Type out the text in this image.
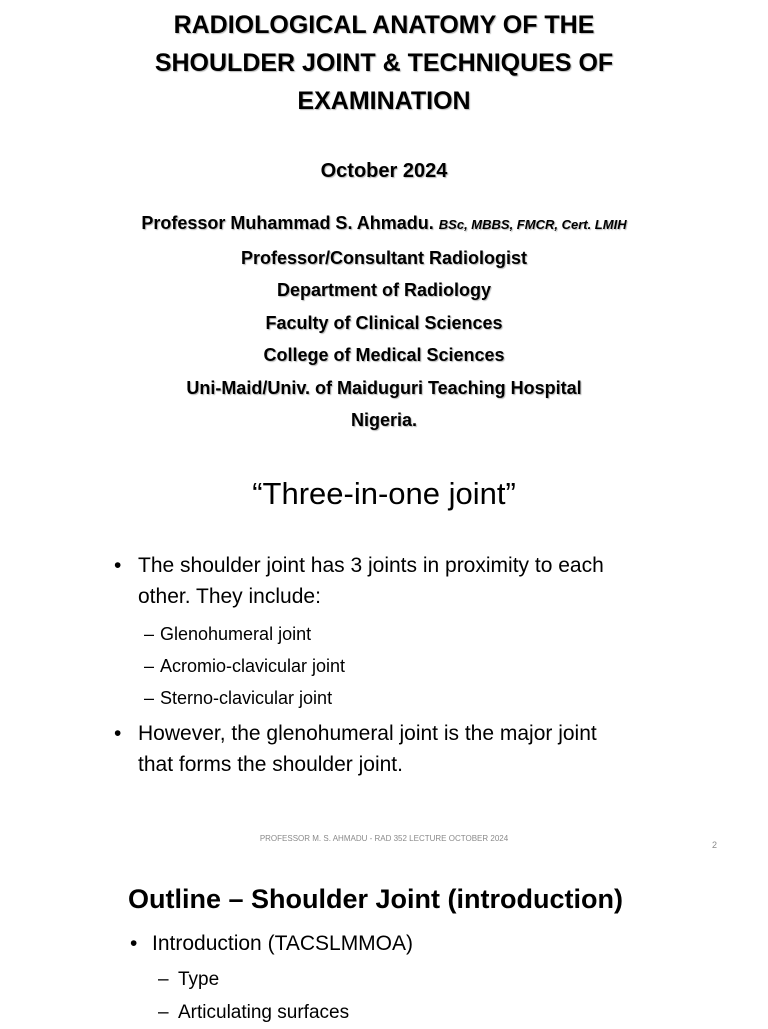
RADIOLOGICAL ANATOMY OF THE SHOULDER JOINT & TECHNIQUES OF EXAMINATION
October 2024
Professor Muhammad S. Ahmadu. BSc, MBBS, FMCR, Cert. LMIH
Professor/Consultant Radiologist
Department of Radiology
Faculty of Clinical Sciences
College of Medical Sciences
Uni-Maid/Univ. of Maiduguri Teaching Hospital
Nigeria.
“Three-in-one joint”
• The shoulder joint has 3 joints in proximity to each other. They include:
– Glenohumeral joint
– Acromio-clavicular joint
– Sterno-clavicular joint
• However, the glenohumeral joint is the major joint that forms the shoulder joint.
PROFESSOR M. S. AHMADU - RAD 352 LECTURE OCTOBER 2024
2
Outline – Shoulder Joint (introduction)
• Introduction (TACSLMMOA)
– Type
– Articulating surfaces
